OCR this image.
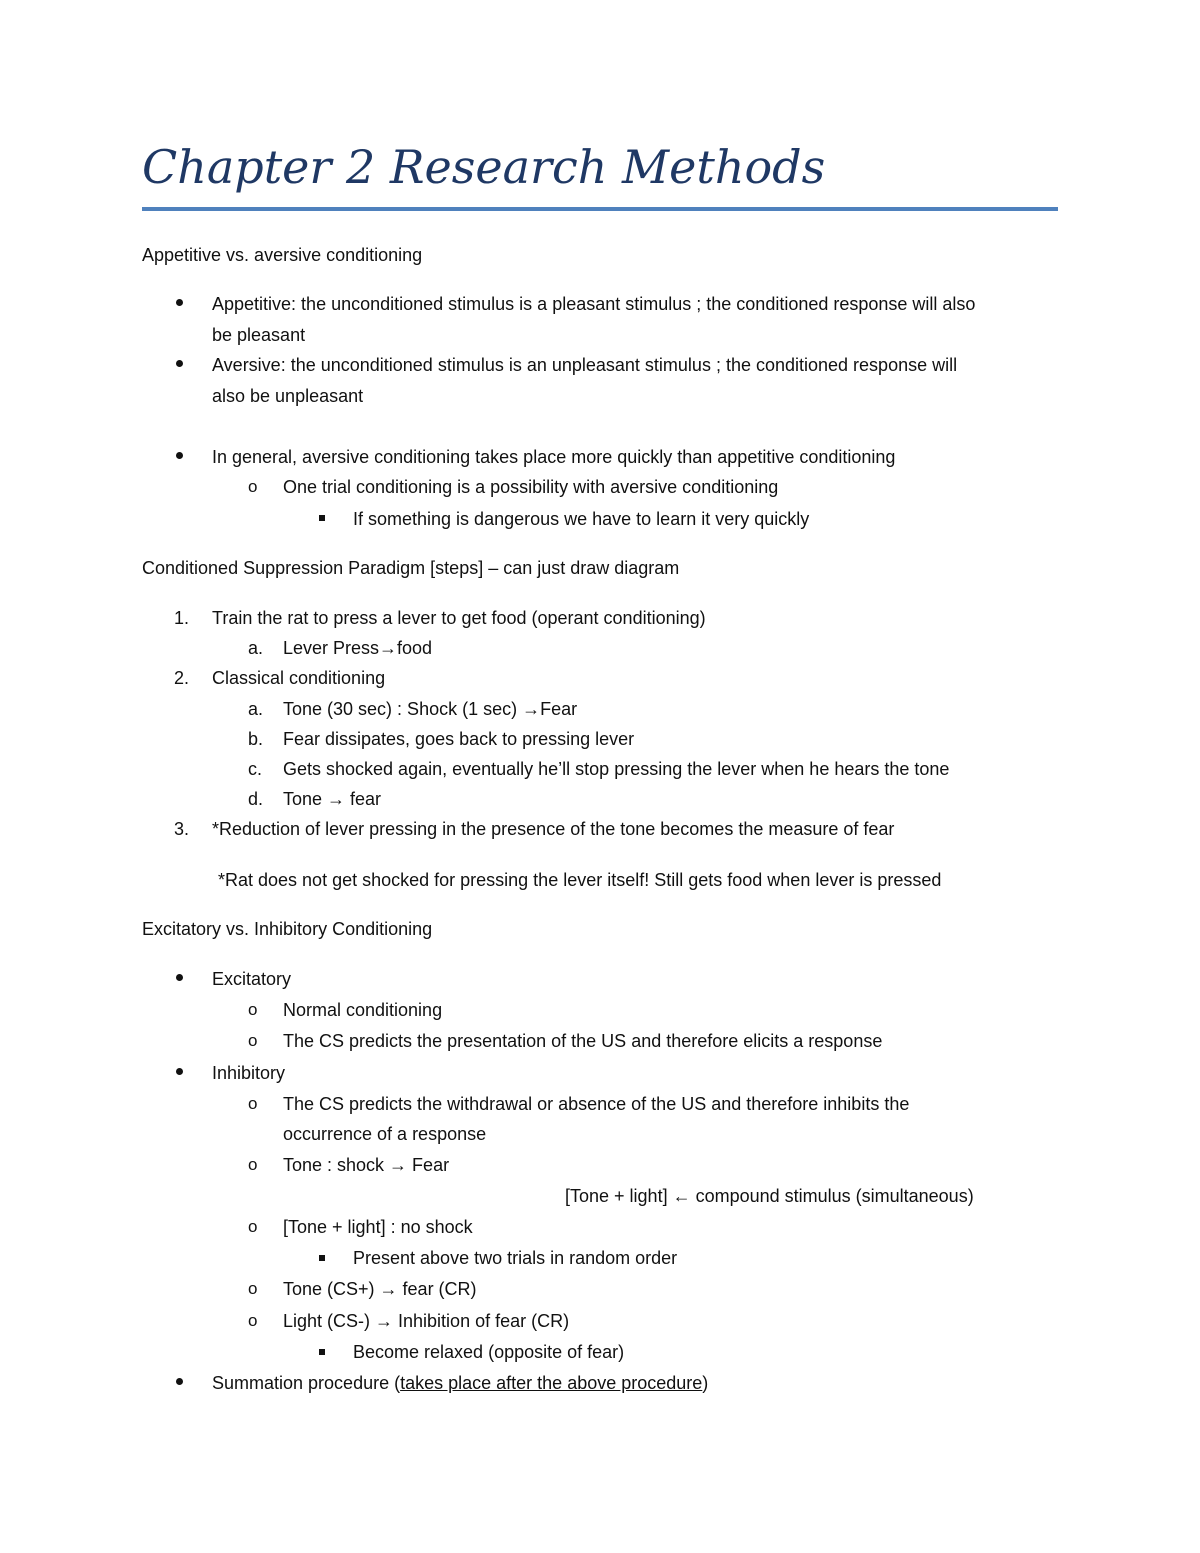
Chapter 2 Research Methods
Appetitive vs. aversive conditioning
Appetitive: the unconditioned stimulus is a pleasant stimulus ; the conditioned response will also
be pleasant
Aversive: the unconditioned stimulus is an unpleasant stimulus ; the conditioned response will
also be unpleasant
In general, aversive conditioning takes place more quickly than appetitive conditioning
o One trial conditioning is a possibility with aversive conditioning
If something is dangerous we have to learn it very quickly
Conditioned Suppression Paradigm [steps] – can just draw diagram
1. Train the rat to press a lever to get food (operant conditioning)
a. Lever Press→food
2. Classical conditioning
a. Tone (30 sec) : Shock (1 sec) →Fear
b. Fear dissipates, goes back to pressing lever
c. Gets shocked again, eventually he’ll stop pressing the lever when he hears the tone
d. Tone → fear
3. *Reduction of lever pressing in the presence of the tone becomes the measure of fear
*Rat does not get shocked for pressing the lever itself! Still gets food when lever is pressed
Excitatory vs. Inhibitory Conditioning
Excitatory
o Normal conditioning
o The CS predicts the presentation of the US and therefore elicits a response
Inhibitory
o The CS predicts the withdrawal or absence of the US and therefore inhibits the
occurrence of a response
o Tone : shock → Fear
[Tone + light] ← compound stimulus (simultaneous)
o [Tone + light] : no shock
Present above two trials in random order
o Tone (CS+) → fear (CR)
o Light (CS-) → Inhibition of fear (CR)
Become relaxed (opposite of fear)
Summation procedure (takes place after the above procedure)
